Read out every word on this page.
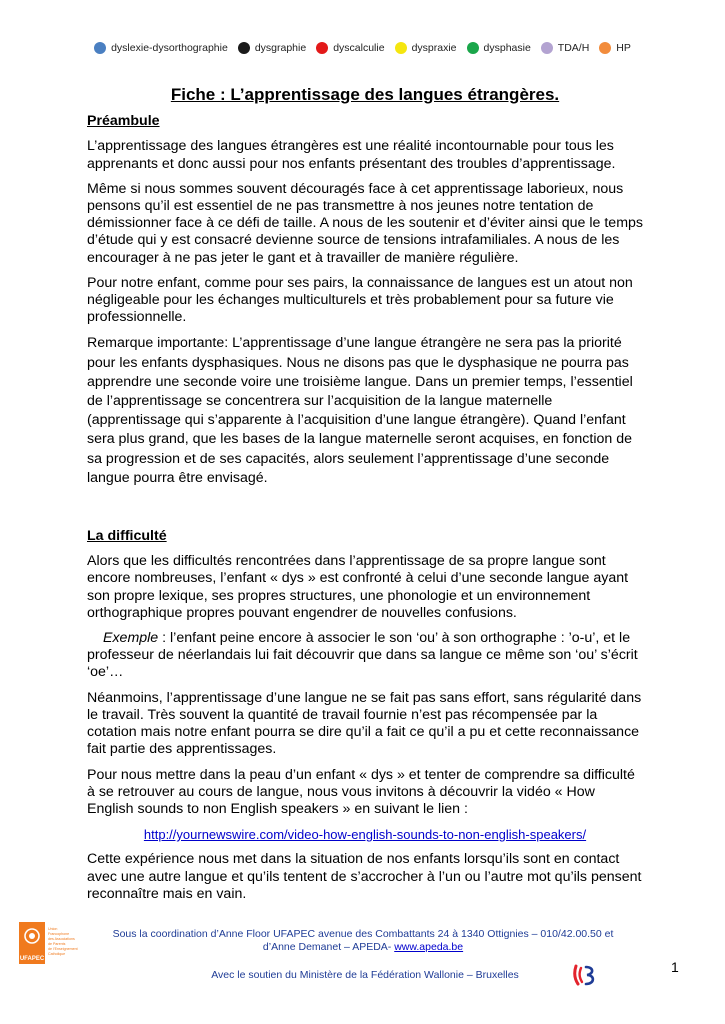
dyslexie-dysorthographie	dysgraphie	dyscalculie	dyspraxie	dysphasie	TDA/H	HP
Fiche : L’apprentissage des langues étrangères.
Préambule

L’apprentissage des langues étrangères est une réalité incontournable pour tous les apprenants et donc aussi pour nos enfants présentant des troubles d’apprentissage.

Même si nous sommes souvent découragés face à cet apprentissage laborieux, nous pensons qu’il est essentiel de ne pas transmettre à nos jeunes notre tentation de démissionner face à ce défi de taille. A nous de les soutenir et d’éviter ainsi que le temps d’étude qui y est consacré devienne source de tensions intrafamiliales. A nous de les encourager à ne pas jeter le gant et à travailler de manière régulière.

Pour notre enfant, comme pour ses pairs, la connaissance de langues est un atout non négligeable pour les échanges multiculturels et très probablement pour sa future vie professionnelle.

Remarque importante: L’apprentissage d’une langue étrangère ne sera pas la priorité pour les enfants dysphasiques. Nous ne disons pas que le dysphasique ne pourra pas apprendre une seconde voire une troisième langue. Dans un premier temps, l’essentiel de l’apprentissage se concentrera sur l’acquisition de la langue maternelle (apprentissage qui s’apparente à l’acquisition d’une langue étrangère). Quand l’enfant sera plus grand, que les bases de la langue maternelle seront acquises, en fonction de sa progression et de ses capacités, alors seulement l’apprentissage d’une seconde langue pourra être envisagé.

La difficulté

Alors que les difficultés rencontrées dans l’apprentissage de sa propre langue sont encore nombreuses, l’enfant « dys » est confronté à celui d’une seconde langue ayant son propre lexique, ses propres structures, une phonologie et un environnement orthographique propres pouvant engendrer de nouvelles confusions.

Exemple : l’enfant peine encore à associer le son ‘ou’ à son orthographe : ’o-u’, et le professeur de néerlandais lui fait découvrir que dans sa langue ce même son ‘ou’ s’écrit ‘oe’…

Néanmoins, l’apprentissage d’une langue ne se fait pas sans effort, sans régularité dans le travail. Très souvent la quantité de travail fournie n’est pas récompensée par la cotation mais notre enfant pourra se dire qu’il a fait ce qu’il a pu et cette reconnaissance fait partie des apprentissages.

Pour nous mettre dans la peau d’un enfant « dys » et tenter de comprendre sa difficulté à se retrouver au cours de langue, nous vous invitons à découvrir la vidéo « How English sounds to non English speakers » en suivant le lien :

http://yournewswire.com/video-how-english-sounds-to-non-english-speakers/

Cette expérience nous met dans la situation de nos enfants lorsqu’ils sont en contact avec une autre langue et qu’ils tentent de s’accrocher à l’un ou l’autre mot qu’ils pensent reconnaître mais en vain.

UFAPEC
Union
Francophone
des Associations
de Parents
de l’Enseignement
Catholique
Sous la coordination d’Anne Floor UFAPEC avenue des Combattants 24 à 1340 Ottignies – 010/42.00.50 et
d’Anne Demanet – APEDA- www.apeda.be
Avec le soutien du Ministère de la Fédération Wallonie – Bruxelles	1
